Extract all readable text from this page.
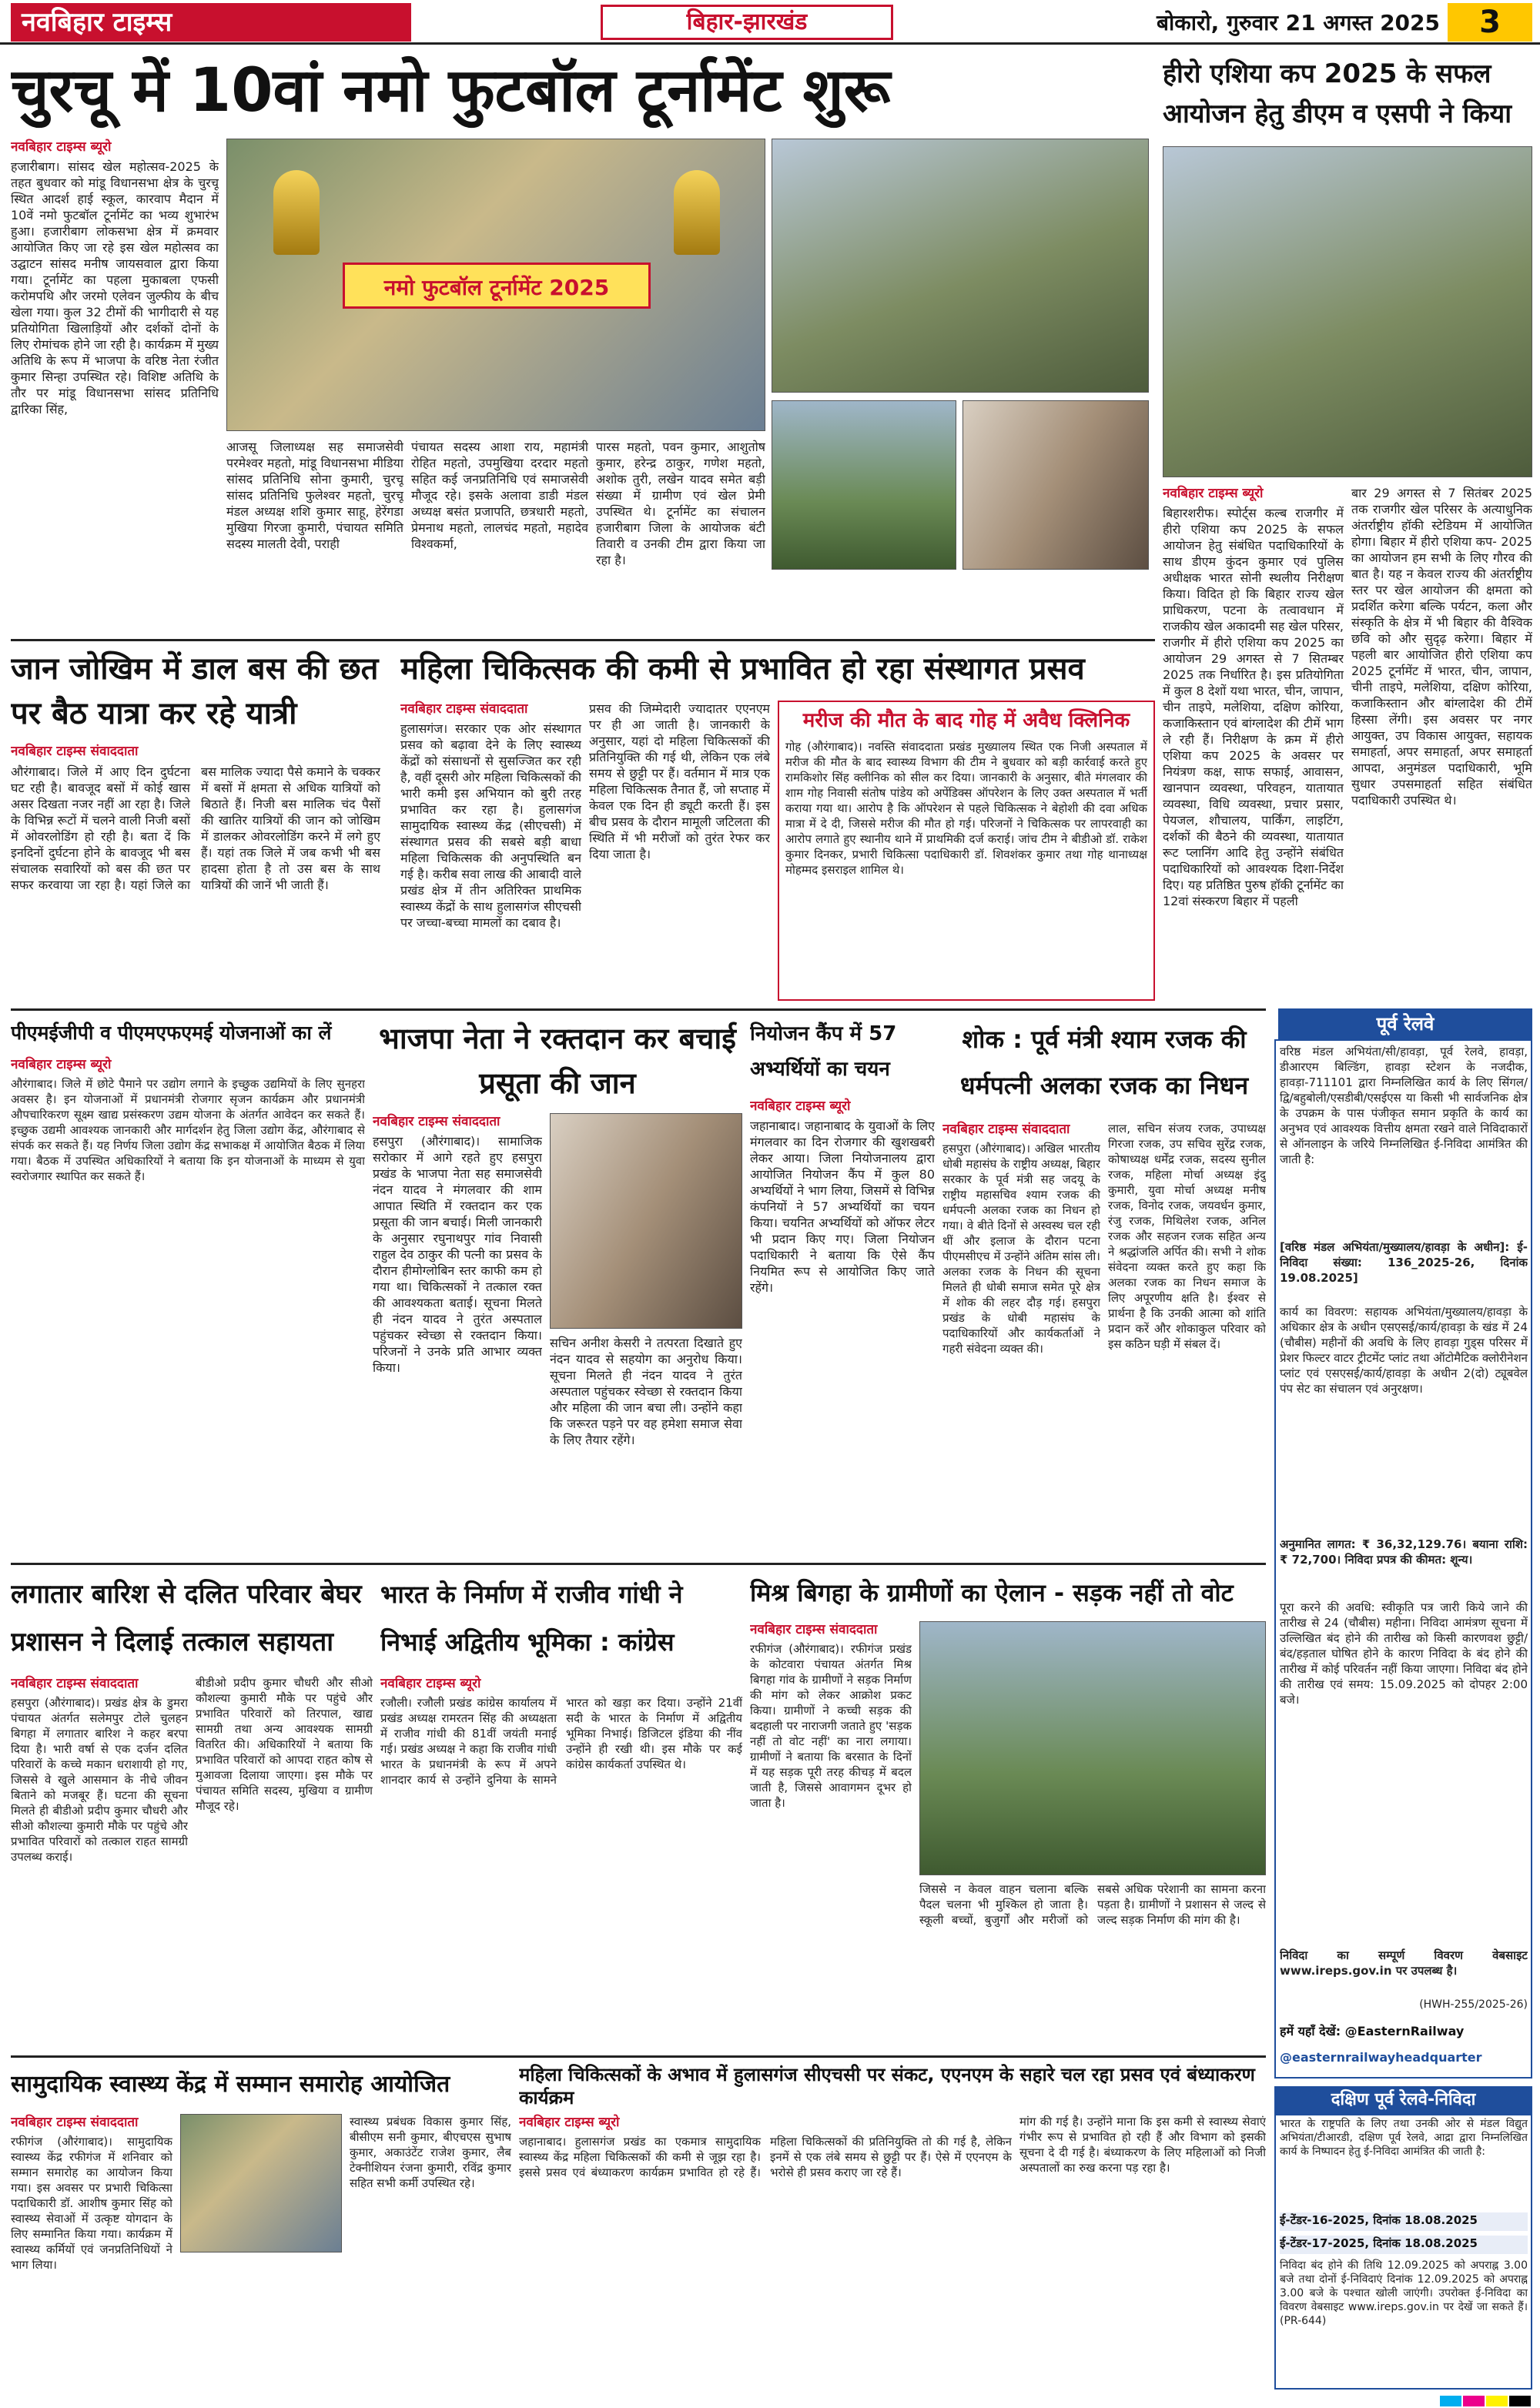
नवबिहार टाइम्स	बिहार-झारखंड	बोकारो, गुरुवार 21 अगस्त 2025	3
चुरचू में 10वां नमो फुटबॉल टूर्नामेंट शुरू
नवबिहार टाइम्स ब्यूरो
हजारीबाग। सांसद खेल महोत्सव-2025 के तहत बुधवार को मांडू विधानसभा क्षेत्र के चुरचू स्थित आदर्श हाई स्कूल, कारवाप मैदान में 10वें नमो फुटबॉल टूर्नामेंट का भव्य शुभारंभ हुआ। हजारीबाग लोकसभा क्षेत्र में क्रमवार आयोजित किए जा रहे इस खेल महोत्सव का उद्घाटन सांसद मनीष जायसवाल द्वारा किया गया। टूर्नामेंट का पहला मुकाबला एफसी करोमपथि और जरमो एलेवन जुल्फीय के बीच खेला गया। कुल 32 टीमों की भागीदारी से यह प्रतियोगिता खिलाड़ियों और दर्शकों दोनों के लिए रोमांचक होने जा रही है। कार्यक्रम में मुख्य अतिथि के रूप में भाजपा के वरिष्ठ नेता रंजीत कुमार सिन्हा उपस्थित रहे। विशिष्ट अतिथि के तौर पर मांडू विधानसभा सांसद प्रतिनिधि द्वारिका सिंह,
नमो फुटबॉल टूर्नामेंट 2025
आजसू जिलाध्यक्ष सह समाजसेवी परमेश्वर महतो, मांडू विधानसभा मीडिया सांसद प्रतिनिधि सोना कुमारी, चुरचू सांसद प्रतिनिधि फुलेश्वर महतो, चुरचू मंडल अध्यक्ष शशि कुमार साहू, हेरेंगडा मुखिया गिरजा कुमारी, पंचायत समिति सदस्य मालती देवी, पराही
पंचायत सदस्य आशा राय, महामंत्री रोहित महतो, उपमुखिया दरदार महतो सहित कई जनप्रतिनिधि एवं समाजसेवी मौजूद रहे। इसके अलावा डाडी मंडल अध्यक्ष बसंत प्रजापति, छत्रधारी महतो, प्रेमनाथ महतो, लालचंद महतो, महादेव विश्वकर्मा,
पारस महतो, पवन कुमार, आशुतोष कुमार, हरेन्द्र ठाकुर, गणेश महतो, अशोक तुरी, लखेन यादव समेत बड़ी संख्या में ग्रामीण एवं खेल प्रेमी उपस्थित थे। टूर्नामेंट का संचालन हजारीबाग जिला के आयोजक बंटी तिवारी व उनकी टीम द्वारा किया जा रहा है।
हीरो एशिया कप 2025 के सफल आयोजन हेतु डीएम व एसपी ने किया
नवबिहार टाइम्स ब्यूरो
बिहारशरीफ। स्पोर्ट्स कल्ब राजगीर में हीरो एशिया कप 2025 के सफल आयोजन हेतु संबंधित पदाधिकारियों के साथ डीएम कुंदन कुमार एवं पुलिस अधीक्षक भारत सोनी स्थलीय निरीक्षण किया। विदित हो कि बिहार राज्य खेल प्राधिकरण, पटना के तत्वावधान में राजकीय खेल अकादमी सह खेल परिसर, राजगीर में हीरो एशिया कप 2025 का आयोजन 29 अगस्त से 7 सितम्बर 2025 तक निर्धारित है। इस प्रतियोगिता में कुल 8 देशों यथा भारत, चीन, जापान, चीन ताइपे, मलेशिया, दक्षिण कोरिया, कजाकिस्तान एवं बांग्लादेश की टीमें भाग ले रही हैं। निरीक्षण के क्रम में हीरो एशिया कप 2025 के अवसर पर नियंत्रण कक्ष, साफ सफाई, आवासन, खानपान व्यवस्था, परिवहन, यातायात व्यवस्था, विधि व्यवस्था, प्रचार प्रसार, पेयजल, शौचालय, पार्किंग, लाइटिंग, दर्शकों की बैठने की व्यवस्था, यातायात रूट प्लानिंग आदि हेतु उन्होंने संबंधित पदाधिकारियों को आवश्यक दिशा-निर्देश दिए। यह प्रतिष्ठित पुरुष हॉकी टूर्नामेंट का 12वां संस्करण बिहार में पहली
बार 29 अगस्त से 7 सितंबर 2025 तक राजगीर खेल परिसर के अत्याधुनिक अंतर्राष्ट्रीय हॉकी स्टेडियम में आयोजित होगा। बिहार में हीरो एशिया कप- 2025 का आयोजन हम सभी के लिए गौरव की बात है। यह न केवल राज्य की अंतर्राष्ट्रीय स्तर पर खेल आयोजन की क्षमता को प्रदर्शित करेगा बल्कि पर्यटन, कला और संस्कृति के क्षेत्र में भी बिहार की वैश्विक छवि को और सुदृढ़ करेगा। बिहार में पहली बार आयोजित हीरो एशिया कप 2025 टूर्नामेंट में भारत, चीन, जापान, चीनी ताइपे, मलेशिया, दक्षिण कोरिया, कजाकिस्तान और बांग्लादेश की टीमें हिस्सा लेंगी। इस अवसर पर नगर आयुक्त, उप विकास आयुक्त, सहायक समाहर्ता, अपर समाहर्ता, अपर समाहर्ता आपदा, अनुमंडल पदाधिकारी, भूमि सुधार उपसमाहर्ता सहित संबंधित पदाधिकारी उपस्थित थे।
जान जोखिम में डाल बस की छत पर बैठ यात्रा कर रहे यात्री
नवबिहार टाइम्स संवाददाता
औरंगाबाद। जिले में आए दिन दुर्घटना घट रही है। बावजूद बसों में कोई खास असर दिखता नजर नहीं आ रहा है। जिले के विभिन्न रूटों में चलने वाली निजी बसों में ओवरलोडिंग हो रही है। बता दें कि इनदिनों दुर्घटना होने के बावजूद भी बस संचालक सवारियों को बस की छत पर सफर करवाया जा रहा है। यहां जिले का बस मालिक ज्यादा पैसे कमाने के चक्कर में बसों में क्षमता से अधिक यात्रियों को बिठाते हैं। निजी बस मालिक चंद पैसों की खातिर यात्रियों की जान को जोखिम में डालकर ओवरलोडिंग करने में लगे हुए हैं। यहां तक जिले में जब कभी भी बस हादसा होता है तो उस बस के साथ यात्रियों की जानें भी जाती हैं।
महिला चिकित्सक की कमी से प्रभावित हो रहा संस्थागत प्रसव
नवबिहार टाइम्स संवाददाता
हुलासगंज। सरकार एक ओर संस्थागत प्रसव को बढ़ावा देने के लिए स्वास्थ्य केंद्रों को संसाधनों से सुसज्जित कर रही है, वहीं दूसरी ओर महिला चिकित्सकों की भारी कमी इस अभियान को बुरी तरह प्रभावित कर रहा है। हुलासगंज सामुदायिक स्वास्थ्य केंद्र (सीएचसी) में संस्थागत प्रसव की सबसे बड़ी बाधा महिला चिकित्सक की अनुपस्थिति बन गई है। करीब सवा लाख की आबादी वाले प्रखंड क्षेत्र में तीन अतिरिक्त प्राथमिक स्वास्थ्य केंद्रों के साथ हुलासगंज सीएचसी पर जच्चा-बच्चा मामलों का दबाव है।
प्रसव की जिम्मेदारी ज्यादातर एएनएम पर ही आ जाती है। जानकारी के अनुसार, यहां दो महिला चिकित्सकों की प्रतिनियुक्ति की गई थी, लेकिन एक लंबे समय से छुट्टी पर हैं। वर्तमान में मात्र एक महिला चिकित्सक तैनात हैं, जो सप्ताह में केवल एक दिन ही ड्यूटी करती हैं। इस बीच प्रसव के दौरान मामूली जटिलता की स्थिति में भी मरीजों को तुरंत रेफर कर दिया जाता है।
मरीज की मौत के बाद गोह में अवैध क्लिनिक
गोह (औरंगाबाद)। नवस्ति संवाददाता प्रखंड मुख्यालय स्थित एक निजी अस्पताल में मरीज की मौत के बाद स्वास्थ्य विभाग की टीम ने बुधवार को बड़ी कार्रवाई करते हुए रामकिशोर सिंह क्लीनिक को सील कर दिया। जानकारी के अनुसार, बीते मंगलवार की शाम गोह निवासी संतोष पांडेय को अपेंडिक्स ऑपरेशन के लिए उक्त अस्पताल में भर्ती कराया गया था। आरोप है कि ऑपरेशन से पहले चिकित्सक ने बेहोशी की दवा अधिक मात्रा में दे दी, जिससे मरीज की मौत हो गई। परिजनों ने चिकित्सक पर लापरवाही का आरोप लगाते हुए स्थानीय थाने में प्राथमिकी दर्ज कराई। जांच टीम ने बीडीओ डॉ. राकेश कुमार दिनकर, प्रभारी चिकित्सा पदाधिकारी डॉ. शिवशंकर कुमार तथा गोह थानाध्यक्ष मोहम्मद इसराइल शामिल थे।
पूर्व रेलवे
वरिष्ठ मंडल अभियंता/सी/हावड़ा, पूर्व रेलवे, हावड़ा, डीआरएम बिल्डिंग, हावड़ा स्टेशन के नजदीक, हावड़ा-711101 द्वारा निम्नलिखित कार्य के लिए सिंगल/द्वि/बहुबोली/एसडीबी/एसईएस या किसी भी सार्वजनिक क्षेत्र के उपक्रम के पास पंजीकृत समान प्रकृति के कार्य का अनुभव एवं आवश्यक वित्तीय क्षमता रखने वाले निविदाकारों से ऑनलाइन के जरिये निम्नलिखित ई-निविदा आमंत्रित की जाती है:
[वरिष्ठ मंडल अभियंता/मुख्यालय/हावड़ा के अधीन]: ई-निविदा संख्या: 136_2025-26, दिनांक 19.08.2025]
कार्य का विवरण: सहायक अभियंता/मुख्यालय/हावड़ा के अधिकार क्षेत्र के अधीन एसएसई/कार्य/हावड़ा के खंड में 24 (चौबीस) महीनों की अवधि के लिए हावड़ा गुड्स परिसर में प्रेशर फिल्टर वाटर ट्रीटमेंट प्लांट तथा ऑटोमैटिक क्लोरीनेशन प्लांट एवं एसएसई/कार्य/हावड़ा के अधीन 2(दो) ट्यूबवेल पंप सेट का संचालन एवं अनुरक्षण।
अनुमानित लागत: ₹ 36,32,129.76। बयाना राशि: ₹ 72,700। निविदा प्रपत्र की कीमत: शून्य।
पूरा करने की अवधि: स्वीकृति पत्र जारी किये जाने की तारीख से 24 (चौबीस) महीना। निविदा आमंत्रण सूचना में उल्लिखित बंद होने की तारीख को किसी कारणवश छुट्टी/बंद/हड़ताल घोषित होने के कारण निविदा के बंद होने की तारीख में कोई परिवर्तन नहीं किया जाएगा। निविदा बंद होने की तारीख एवं समय: 15.09.2025 को दोपहर 2:00 बजे।
निविदा का सम्पूर्ण विवरण वेबसाइट www.ireps.gov.in पर उपलब्ध है।
(HWH-255/2025-26)
हमें यहाँ देखें: @EasternRailway
@easternrailwayheadquarter
पीएमईजीपी व पीएमएफएमई योजनाओं का लें
नवबिहार टाइम्स ब्यूरो
औरंगाबाद। जिले में छोटे पैमाने पर उद्योग लगाने के इच्छुक उद्यमियों के लिए सुनहरा अवसर है। इन योजनाओं में प्रधानमंत्री रोजगार सृजन कार्यक्रम और प्रधानमंत्री औपचारिकरण सूक्ष्म खाद्य प्रसंस्करण उद्यम योजना के अंतर्गत आवेदन कर सकते हैं। इच्छुक उद्यमी आवश्यक जानकारी और मार्गदर्शन हेतु जिला उद्योग केंद्र, औरंगाबाद से संपर्क कर सकते हैं। यह निर्णय जिला उद्योग केंद्र सभाकक्ष में आयोजित बैठक में लिया गया। बैठक में उपस्थित अधिकारियों ने बताया कि इन योजनाओं के माध्यम से युवा स्वरोजगार स्थापित कर सकते हैं।
भाजपा नेता ने रक्तदान कर बचाई प्रसूता की जान
नवबिहार टाइम्स संवाददाता
हसपुरा (औरंगाबाद)। सामाजिक सरोकार में आगे रहते हुए हसपुरा प्रखंड के भाजपा नेता सह समाजसेवी नंदन यादव ने मंगलवार की शाम आपात स्थिति में रक्तदान कर एक प्रसूता की जान बचाई। मिली जानकारी के अनुसार रघुनाथपुर गांव निवासी राहुल देव ठाकुर की पत्नी का प्रसव के दौरान हीमोग्लोबिन स्तर काफी कम हो गया था। चिकित्सकों ने तत्काल रक्त की आवश्यकता बताई। सूचना मिलते ही नंदन यादव ने तुरंत अस्पताल पहुंचकर स्वेच्छा से रक्तदान किया। परिजनों ने उनके प्रति आभार व्यक्त किया।
सचिन अनीश केसरी ने तत्परता दिखाते हुए नंदन यादव से सहयोग का अनुरोध किया। सूचना मिलते ही नंदन यादव ने तुरंत अस्पताल पहुंचकर स्वेच्छा से रक्तदान किया और महिला की जान बचा ली। उन्होंने कहा कि जरूरत पड़ने पर वह हमेशा समाज सेवा के लिए तैयार रहेंगे।
नियोजन कैंप में 57 अभ्यर्थियों का चयन
नवबिहार टाइम्स ब्यूरो
जहानाबाद। जहानाबाद के युवाओं के लिए मंगलवार का दिन रोजगार की खुशखबरी लेकर आया। जिला नियोजनालय द्वारा आयोजित नियोजन कैंप में कुल 80 अभ्यर्थियों ने भाग लिया, जिसमें से विभिन्न कंपनियों ने 57 अभ्यर्थियों का चयन किया। चयनित अभ्यर्थियों को ऑफर लेटर भी प्रदान किए गए। जिला नियोजन पदाधिकारी ने बताया कि ऐसे कैंप नियमित रूप से आयोजित किए जाते रहेंगे।
शोक : पूर्व मंत्री श्याम रजक की धर्मपत्नी अलका रजक का निधन
नवबिहार टाइम्स संवाददाता
हसपुरा (औरंगाबाद)। अखिल भारतीय धोबी महासंघ के राष्ट्रीय अध्यक्ष, बिहार सरकार के पूर्व मंत्री सह जदयू के राष्ट्रीय महासचिव श्याम रजक की धर्मपत्नी अलका रजक का निधन हो गया। वे बीते दिनों से अस्वस्थ चल रही थीं और इलाज के दौरान पटना पीएमसीएच में उन्होंने अंतिम सांस ली। अलका रजक के निधन की सूचना मिलते ही धोबी समाज समेत पूरे क्षेत्र में शोक की लहर दौड़ गई। हसपुरा प्रखंड के धोबी महासंघ के पदाधिकारियों और कार्यकर्ताओं ने गहरी संवेदना व्यक्त की।
लाल, सचिन संजय रजक, उपाध्यक्ष गिरजा रजक, उप सचिव सुरेंद्र रजक, कोषाध्यक्ष धर्मेंद्र रजक, सदस्य सुनील रजक, महिला मोर्चा अध्यक्ष इंदु कुमारी, युवा मोर्चा अध्यक्ष मनीष रजक, विनोद रजक, जयवर्धन कुमार, रंजु रजक, मिथिलेश रजक, अनिल रजक और सहजन रजक सहित अन्य ने श्रद्धांजलि अर्पित की। सभी ने शोक संवेदना व्यक्त करते हुए कहा कि अलका रजक का निधन समाज के लिए अपूरणीय क्षति है। ईश्वर से प्रार्थना है कि उनकी आत्मा को शांति प्रदान करें और शोकाकुल परिवार को इस कठिन घड़ी में संबल दें।
लगातार बारिश से दलित परिवार बेघर प्रशासन ने दिलाई तत्काल सहायता
नवबिहार टाइम्स संवाददाता
हसपुरा (औरंगाबाद)। प्रखंड क्षेत्र के डुमरा पंचायत अंतर्गत सलेमपुर टोले चुलहन बिगहा में लगातार बारिश ने कहर बरपा दिया है। भारी वर्षा से एक दर्जन दलित परिवारों के कच्चे मकान धराशायी हो गए, जिससे वे खुले आसमान के नीचे जीवन बिताने को मजबूर हैं। घटना की सूचना मिलते ही बीडीओ प्रदीप कुमार चौधरी और सीओ कौशल्या कुमारी मौके पर पहुंचे और प्रभावित परिवारों को तत्काल राहत सामग्री उपलब्ध कराई।
बीडीओ प्रदीप कुमार चौधरी और सीओ कौशल्या कुमारी मौके पर पहुंचे और प्रभावित परिवारों को तिरपाल, खाद्य सामग्री तथा अन्य आवश्यक सामग्री वितरित की। अधिकारियों ने बताया कि प्रभावित परिवारों को आपदा राहत कोष से मुआवजा दिलाया जाएगा। इस मौके पर पंचायत समिति सदस्य, मुखिया व ग्रामीण मौजूद रहे।
भारत के निर्माण में राजीव गांधी ने निभाई अद्वितीय भूमिका : कांग्रेस
नवबिहार टाइम्स ब्यूरो
रजौली। रजौली प्रखंड कांग्रेस कार्यालय में प्रखंड अध्यक्ष रामरतन सिंह की अध्यक्षता में राजीव गांधी की 81वीं जयंती मनाई गई। प्रखंड अध्यक्ष ने कहा कि राजीव गांधी भारत के प्रधानमंत्री के रूप में अपने शानदार कार्य से उन्होंने दुनिया के सामने भारत को खड़ा कर दिया। उन्होंने 21वीं सदी के भारत के निर्माण में अद्वितीय भूमिका निभाई। डिजिटल इंडिया की नींव उन्होंने ही रखी थी। इस मौके पर कई कांग्रेस कार्यकर्ता उपस्थित थे।
मिश्र बिगहा के ग्रामीणों का ऐलान - सड़क नहीं तो वोट
नवबिहार टाइम्स संवाददाता
रफीगंज (औरंगाबाद)। रफीगंज प्रखंड के कोटवारा पंचायत अंतर्गत मिश्र बिगहा गांव के ग्रामीणों ने सड़क निर्माण की मांग को लेकर आक्रोश प्रकट किया। ग्रामीणों ने कच्ची सड़क की बदहाली पर नाराजगी जताते हुए 'सड़क नहीं तो वोट नहीं' का नारा लगाया। ग्रामीणों ने बताया कि बरसात के दिनों में यह सड़क पूरी तरह कीचड़ में बदल जाती है, जिससे आवागमन दूभर हो जाता है।
जिससे न केवल वाहन चलाना बल्कि पैदल चलना भी मुश्किल हो जाता है। स्कूली बच्चों, बुजुर्गों और मरीजों को सबसे अधिक परेशानी का सामना करना पड़ता है। ग्रामीणों ने प्रशासन से जल्द से जल्द सड़क निर्माण की मांग की है।
सामुदायिक स्वास्थ्य केंद्र में सम्मान समारोह आयोजित
नवबिहार टाइम्स संवाददाता
रफीगंज (औरंगाबाद)। सामुदायिक स्वास्थ्य केंद्र रफीगंज में शनिवार को सम्मान समारोह का आयोजन किया गया। इस अवसर पर प्रभारी चिकित्सा पदाधिकारी डॉ. आशीष कुमार सिंह को स्वास्थ्य सेवाओं में उत्कृष्ट योगदान के लिए सम्मानित किया गया। कार्यक्रम में स्वास्थ्य कर्मियों एवं जनप्रतिनिधियों ने भाग लिया।
स्वास्थ्य प्रबंधक विकास कुमार सिंह, बीसीएम सनी कुमार, बीएचएस सुभाष कुमार, अकाउंटेंट राजेश कुमार, लैब टेक्नीशियन रंजना कुमारी, रविंद्र कुमार सहित सभी कर्मी उपस्थित रहे।
महिला चिकित्सकों के अभाव में हुलासगंज सीएचसी पर संकट, एएनएम के सहारे चल रहा प्रसव एवं बंध्याकरण कार्यक्रम
नवबिहार टाइम्स ब्यूरो
जहानाबाद। हुलासगंज प्रखंड का एकमात्र सामुदायिक स्वास्थ्य केंद्र महिला चिकित्सकों की कमी से जूझ रहा है। इससे प्रसव एवं बंध्याकरण कार्यक्रम प्रभावित हो रहे हैं। महिला चिकित्सकों की प्रतिनियुक्ति तो की गई है, लेकिन इनमें से एक लंबे समय से छुट्टी पर हैं। ऐसे में एएनएम के भरोसे ही प्रसव कराए जा रहे हैं।
मांग की गई है। उन्होंने माना कि इस कमी से स्वास्थ्य सेवाएं गंभीर रूप से प्रभावित हो रही हैं और विभाग को इसकी सूचना दे दी गई है। बंध्याकरण के लिए महिलाओं को निजी अस्पतालों का रुख करना पड़ रहा है।
दक्षिण पूर्व रेलवे-निविदा
भारत के राष्ट्रपति के लिए तथा उनकी ओर से मंडल विद्युत अभियंता/टीआरडी, दक्षिण पूर्व रेलवे, आद्रा द्वारा निम्नलिखित कार्य के निष्पादन हेतु ई-निविदा आमंत्रित की जाती है:
ई-टेंडर-16-2025, दिनांक 18.08.2025
ई-टेंडर-17-2025, दिनांक 18.08.2025
निविदा बंद होने की तिथि 12.09.2025 को अपराह्न 3.00 बजे तथा दोनों ई-निविदाएं दिनांक 12.09.2025 को अपराह्न 3.00 बजे के पश्चात खोली जाएंगी। उपरोक्त ई-निविदा का विवरण वेबसाइट www.ireps.gov.in पर देखें जा सकते हैं। (PR-644)
